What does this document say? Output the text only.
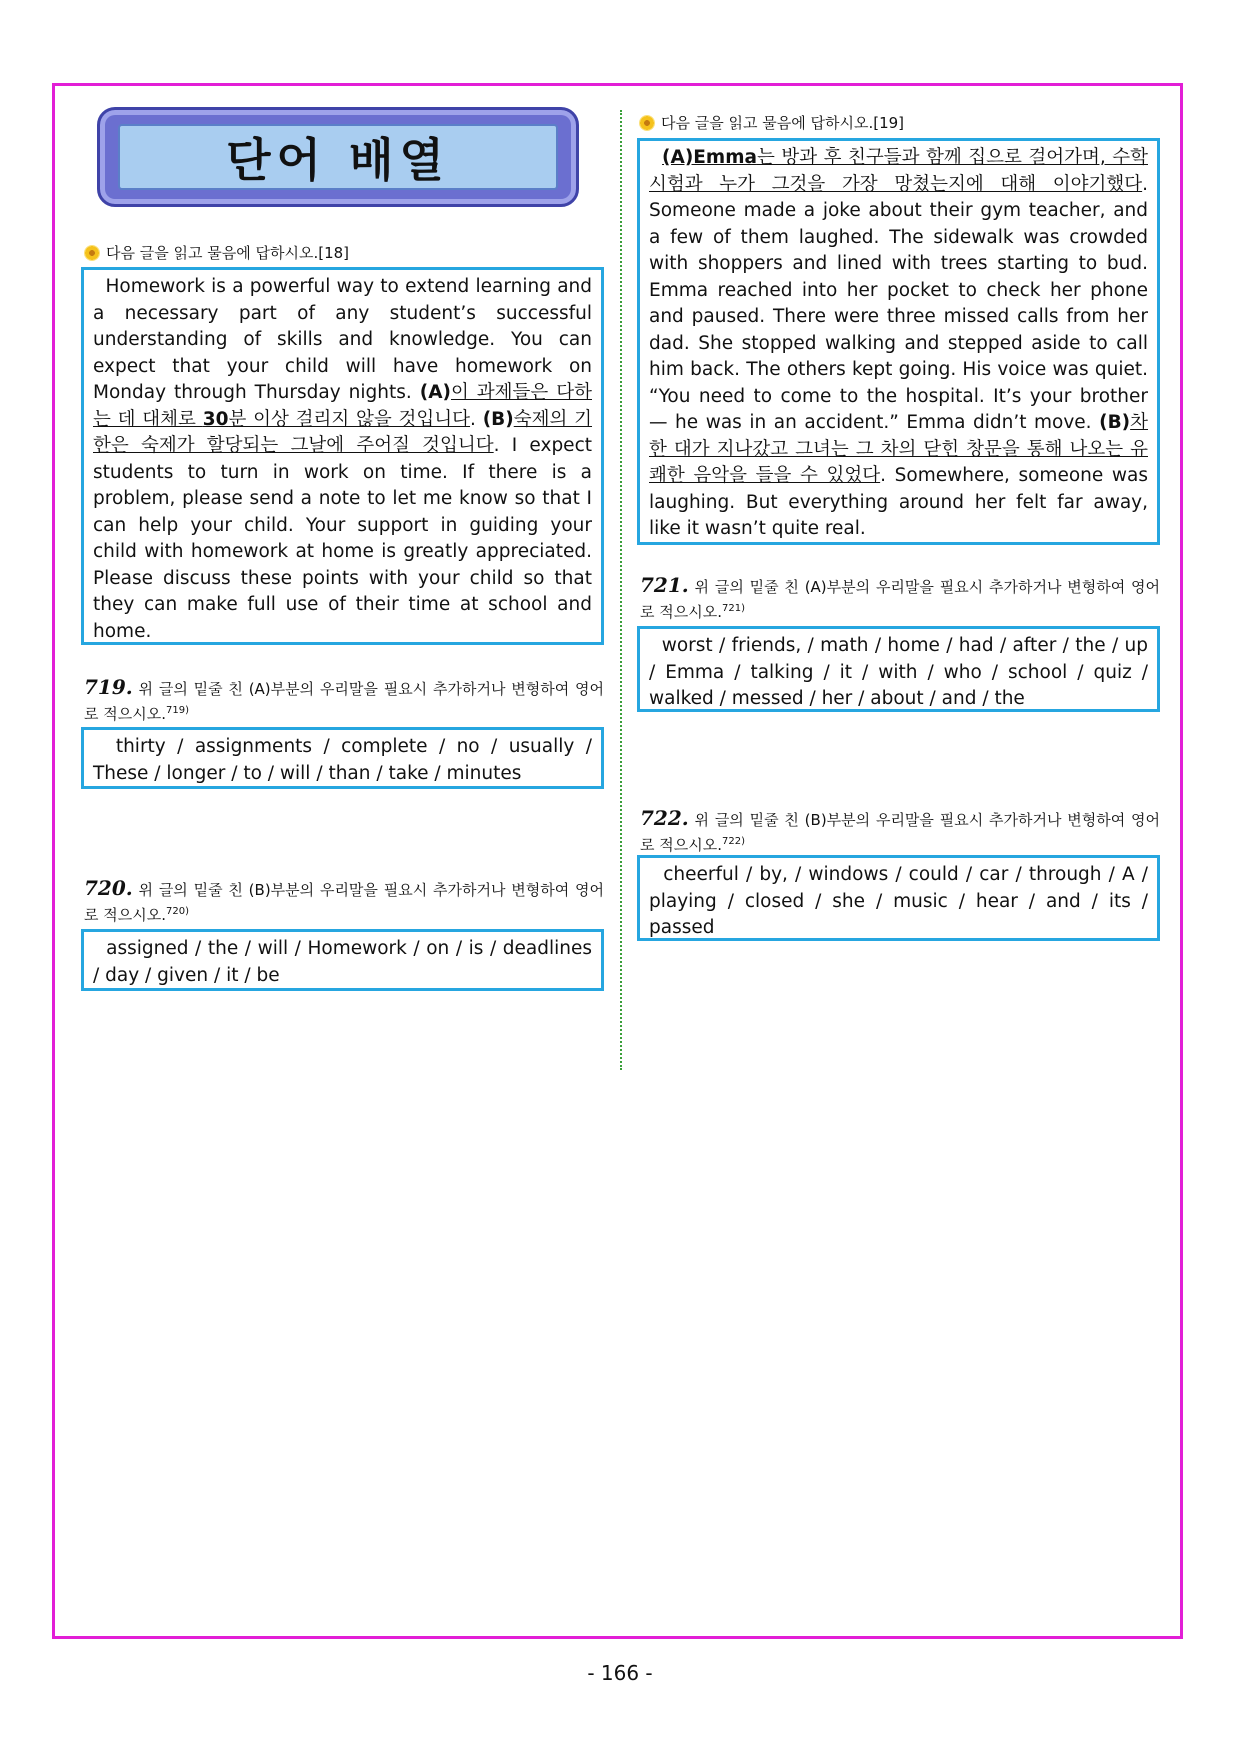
단어 배열
다음 글을 읽고 물음에 답하시오.[18]

Homework is a powerful way to extend learning and a necessary part of any student’s successful understanding of skills and knowledge. You can expect that your child will have homework on Monday through Thursday nights. (A)이 과제들은 다하는 데 대체로 30분 이상 걸리지 않을 것입니다. (B)숙제의 기한은 숙제가 할당되는 그날에 주어질 것입니다. I expect students to turn in work on time. If there is a problem, please send a note to let me know so that I can help your child. Your support in guiding your child with homework at home is greatly appreciated. Please discuss these points with your child so that they can make full use of their time at school and home.

719. 위 글의 밑줄 친 (A)부분의 우리말을 필요시 추가하거나 변형하여 영어로 적으시오.$^{719)}$

thirty / assignments / complete / no / usually / These / longer / to / will / than / take / minutes

720. 위 글의 밑줄 친 (B)부분의 우리말을 필요시 추가하거나 변형하여 영어로 적으시오.$^{720)}$

assigned / the / will / Homework / on / is / deadlines / day / given / it / be

다음 글을 읽고 물음에 답하시오.[19]

(A)Emma는 방과 후 친구들과 함께 집으로 걸어가며, 수학 시험과 누가 그것을 가장 망쳤는지에 대해 이야기했다. Someone made a joke about their gym teacher, and a few of them laughed. The sidewalk was crowded with shoppers and lined with trees starting to bud. Emma reached into her pocket to check her phone and paused. There were three missed calls from her dad. She stopped walking and stepped aside to call him back. The others kept going. His voice was quiet. “You need to come to the hospital. It’s your brother — he was in an accident.” Emma didn’t move. (B)차 한 대가 지나갔고 그녀는 그 차의 닫힌 창문을 통해 나오는 유쾌한 음악을 들을 수 있었다. Somewhere, someone was laughing. But everything around her felt far away, like it wasn’t quite real.

721. 위 글의 밑줄 친 (A)부분의 우리말을 필요시 추가하거나 변형하여 영어로 적으시오.$^{721)}$

worst / friends, / math / home / had / after / the / up / Emma / talking / it / with / who / school / quiz / walked / messed / her / about / and / the

722. 위 글의 밑줄 친 (B)부분의 우리말을 필요시 추가하거나 변형하여 영어로 적으시오.$^{722)}$

cheerful / by, / windows / could / car / through / A / playing / closed / she / music / hear / and / its / passed

- 166 -
